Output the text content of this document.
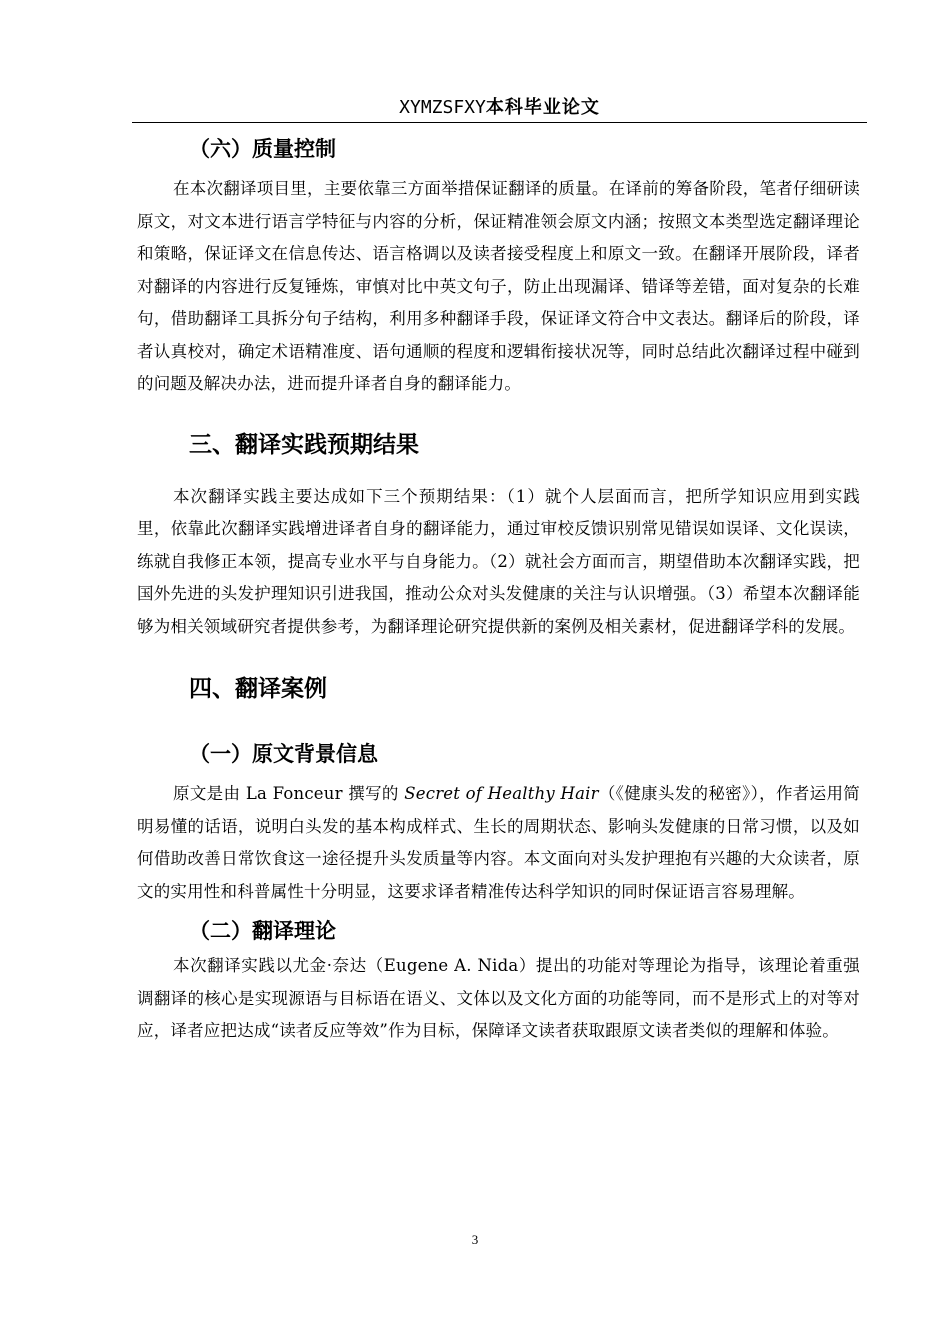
XYMZSFXY本科毕业论文
（六）质量控制

在本次翻译项目里，主要依靠三方面举措保证翻译的质量。在译前的筹备阶段，笔者仔细研读原文，对文本进行语言学特征与内容的分析，保证精准领会原文内涵；按照文本类型选定翻译理论和策略，保证译文在信息传达、语言格调以及读者接受程度上和原文一致。在翻译开展阶段，译者对翻译的内容进行反复锤炼，审慎对比中英文句子，防止出现漏译、错译等差错，面对复杂的长难句，借助翻译工具拆分句子结构，利用多种翻译手段，保证译文符合中文表达。翻译后的阶段，译者认真校对，确定术语精准度、语句通顺的程度和逻辑衔接状况等，同时总结此次翻译过程中碰到的问题及解决办法，进而提升译者自身的翻译能力。

三、翻译实践预期结果

本次翻译实践主要达成如下三个预期结果：（1）就个人层面而言，把所学知识应用到实践里，依靠此次翻译实践增进译者自身的翻译能力，通过审校反馈识别常见错误如误译、文化误读，练就自我修正本领，提高专业水平与自身能力。（2）就社会方面而言，期望借助本次翻译实践，把国外先进的头发护理知识引进我国，推动公众对头发健康的关注与认识增强。（3）希望本次翻译能够为相关领域研究者提供参考，为翻译理论研究提供新的案例及相关素材，促进翻译学科的发展。

四、翻译案例
（一）原文背景信息

原文是由 La Fonceur 撰写的 Secret of Healthy Hair（《健康头发的秘密》），作者运用简明易懂的话语，说明白头发的基本构成样式、生长的周期状态、影响头发健康的日常习惯，以及如何借助改善日常饮食这一途径提升头发质量等内容。本文面向对头发护理抱有兴趣的大众读者，原文的实用性和科普属性十分明显，这要求译者精准传达科学知识的同时保证语言容易理解。

（二）翻译理论

本次翻译实践以尤金·奈达（Eugene A. Nida）提出的功能对等理论为指导，该理论着重强调翻译的核心是实现源语与目标语在语义、文体以及文化方面的功能等同，而不是形式上的对等对应，译者应把达成“读者反应等效”作为目标，保障译文读者获取跟原文读者类似的理解和体验。

3
